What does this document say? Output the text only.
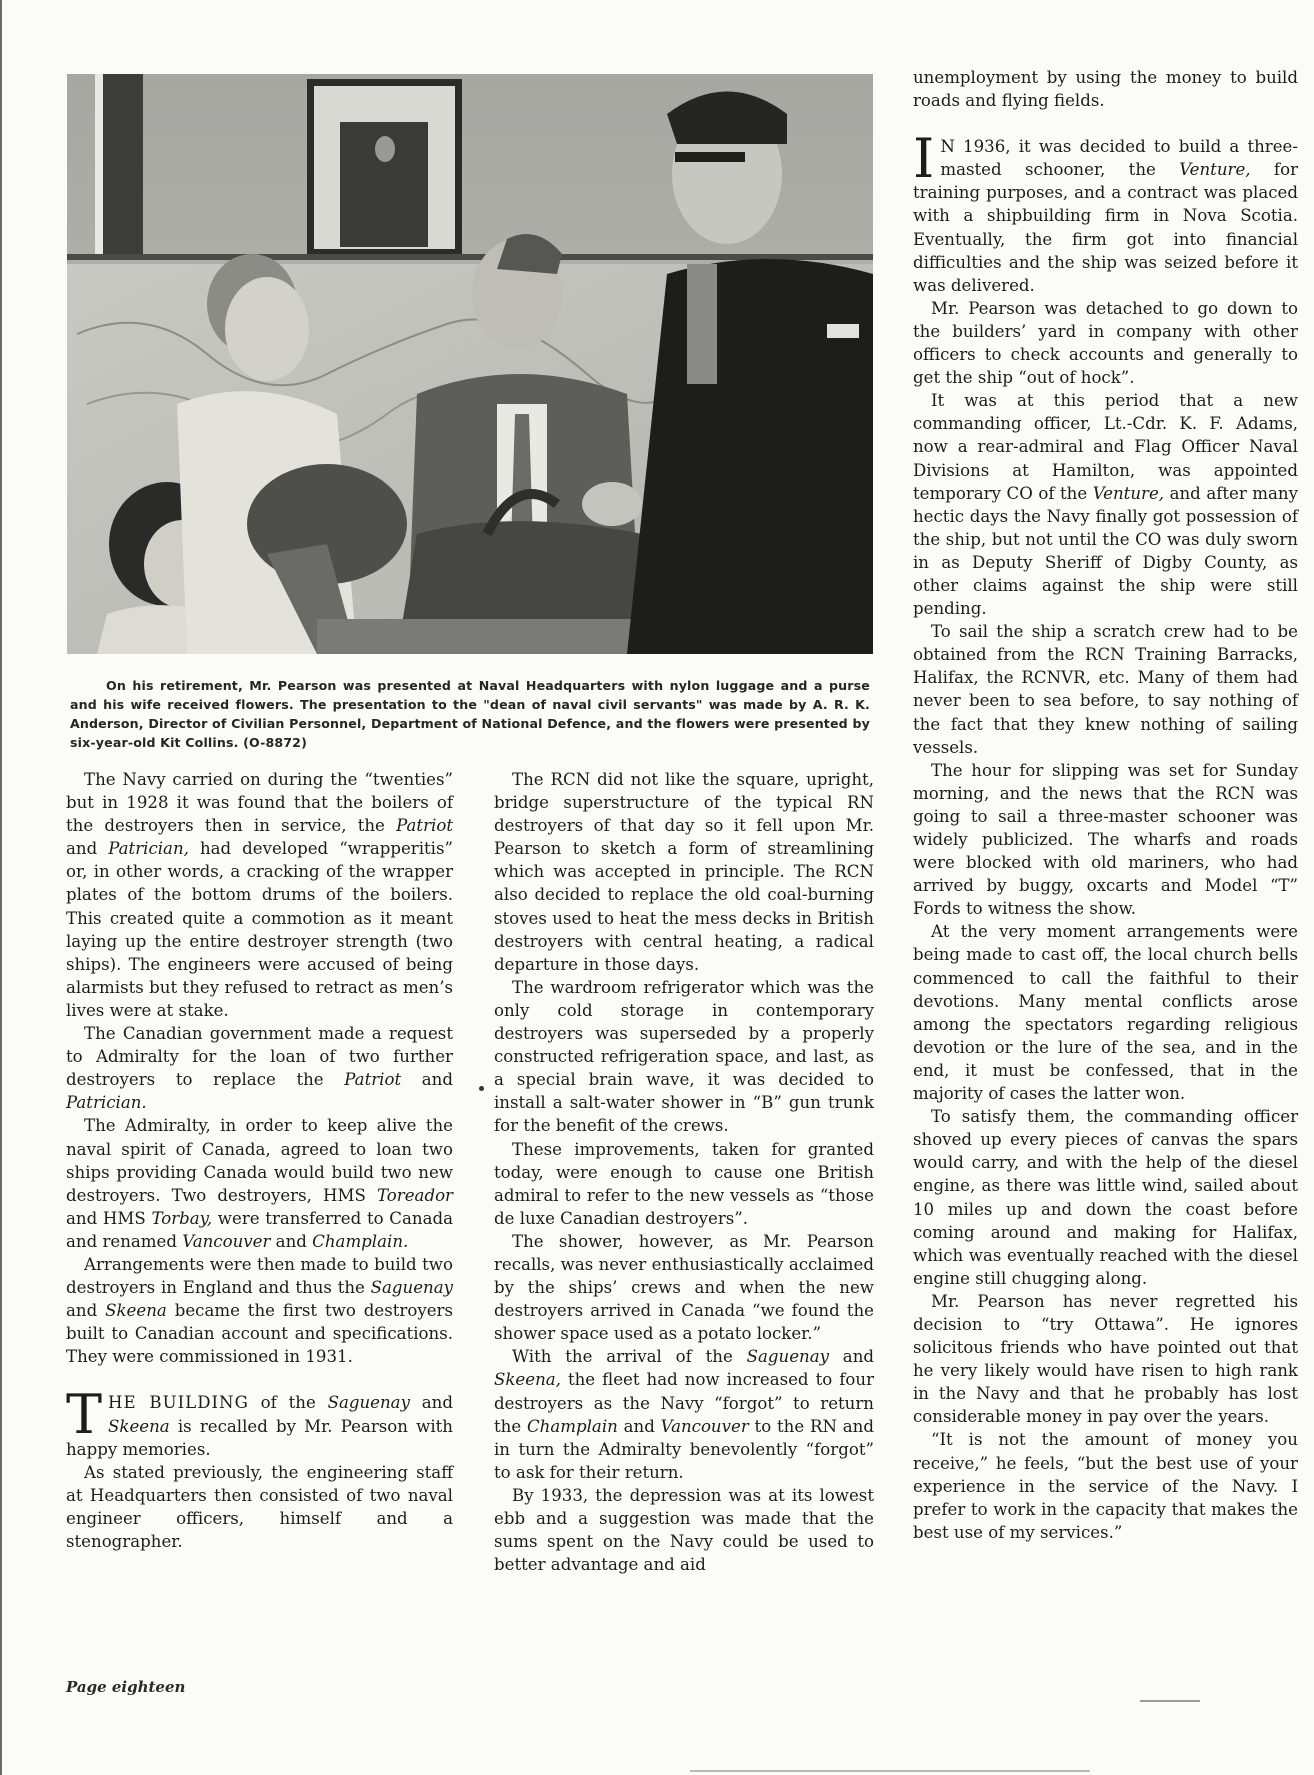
On his retirement, Mr. Pearson was presented at Naval Headquarters with nylon luggage and a purse and his wife received flowers. The presentation to the "dean of naval civil servants" was made by A. R. K. Anderson, Director of Civilian Personnel, Department of National Defence, and the flowers were presented by six-year-old Kit Collins. (O-8872)

The Navy carried on during the “twenties” but in 1928 it was found that the boilers of the destroyers then in service, the Patriot and Patrician, had developed “wrapperitis” or, in other words, a cracking of the wrapper plates of the bottom drums of the boilers. This created quite a commotion as it meant laying up the entire destroyer strength (two ships). The engineers were accused of being alarmists but they refused to retract as men’s lives were at stake.

The Canadian government made a request to Admiralty for the loan of two further destroyers to replace the Patriot and Patrician.

The Admiralty, in order to keep alive the naval spirit of Canada, agreed to loan two ships providing Canada would build two new destroyers. Two destroyers, HMS Toreador and HMS Torbay, were transferred to Canada and renamed Vancouver and Champlain.

Arrangements were then made to build two destroyers in England and thus the Saguenay and Skeena became the first two destroyers built to Canadian account and specifications. They were commissioned in 1931.

THE BUILDING of the Saguenay and Skeena is recalled by Mr. Pearson with happy memories.

As stated previously, the engineering staff at Headquarters then consisted of two naval engineer officers, himself and a stenographer.

The RCN did not like the square, upright, bridge superstructure of the typical RN destroyers of that day so it fell upon Mr. Pearson to sketch a form of streamlining which was accepted in principle. The RCN also decided to replace the old coal-burning stoves used to heat the mess decks in British destroyers with central heating, a radical departure in those days.

The wardroom refrigerator which was the only cold storage in contemporary destroyers was superseded by a properly constructed refrigeration space, and last, as a special brain wave, it was decided to install a salt-water shower in “B” gun trunk for the benefit of the crews.

These improvements, taken for granted today, were enough to cause one British admiral to refer to the new vessels as “those de luxe Canadian destroyers”.

The shower, however, as Mr. Pearson recalls, was never enthusiastically acclaimed by the ships’ crews and when the new destroyers arrived in Canada “we found the shower space used as a potato locker.”

With the arrival of the Saguenay and Skeena, the fleet had now increased to four destroyers as the Navy “forgot” to return the Champlain and Vancouver to the RN and in turn the Admiralty benevolently “forgot” to ask for their return.

By 1933, the depression was at its lowest ebb and a suggestion was made that the sums spent on the Navy could be used to better advantage and aid

unemployment by using the money to build roads and flying fields.

I N 1936, it was decided to build a three-masted schooner, the Venture, for training purposes, and a contract was placed with a shipbuilding firm in Nova Scotia. Eventually, the firm got into financial difficulties and the ship was seized before it was delivered.

Mr. Pearson was detached to go down to the builders’ yard in company with other officers to check accounts and generally to get the ship “out of hock”.

It was at this period that a new commanding officer, Lt.-Cdr. K. F. Adams, now a rear-admiral and Flag Officer Naval Divisions at Hamilton, was appointed temporary CO of the Venture, and after many hectic days the Navy finally got possession of the ship, but not until the CO was duly sworn in as Deputy Sheriff of Digby County, as other claims against the ship were still pending.

To sail the ship a scratch crew had to be obtained from the RCN Training Barracks, Halifax, the RCNVR, etc. Many of them had never been to sea before, to say nothing of the fact that they knew nothing of sailing vessels.

The hour for slipping was set for Sunday morning, and the news that the RCN was going to sail a three-master schooner was widely publicized. The wharfs and roads were blocked with old mariners, who had arrived by buggy, oxcarts and Model “T” Fords to witness the show.

At the very moment arrangements were being made to cast off, the local church bells commenced to call the faithful to their devotions. Many mental conflicts arose among the spectators regarding religious devotion or the lure of the sea, and in the end, it must be confessed, that in the majority of cases the latter won.

To satisfy them, the commanding officer shoved up every pieces of canvas the spars would carry, and with the help of the diesel engine, as there was little wind, sailed about 10 miles up and down the coast before coming around and making for Halifax, which was eventually reached with the diesel engine still chugging along.

Mr. Pearson has never regretted his decision to “try Ottawa”. He ignores solicitous friends who have pointed out that he very likely would have risen to high rank in the Navy and that he probably has lost considerable money in pay over the years.

“It is not the amount of money you receive,” he feels, “but the best use of your experience in the service of the Navy. I prefer to work in the capacity that makes the best use of my services.”

Page eighteen
